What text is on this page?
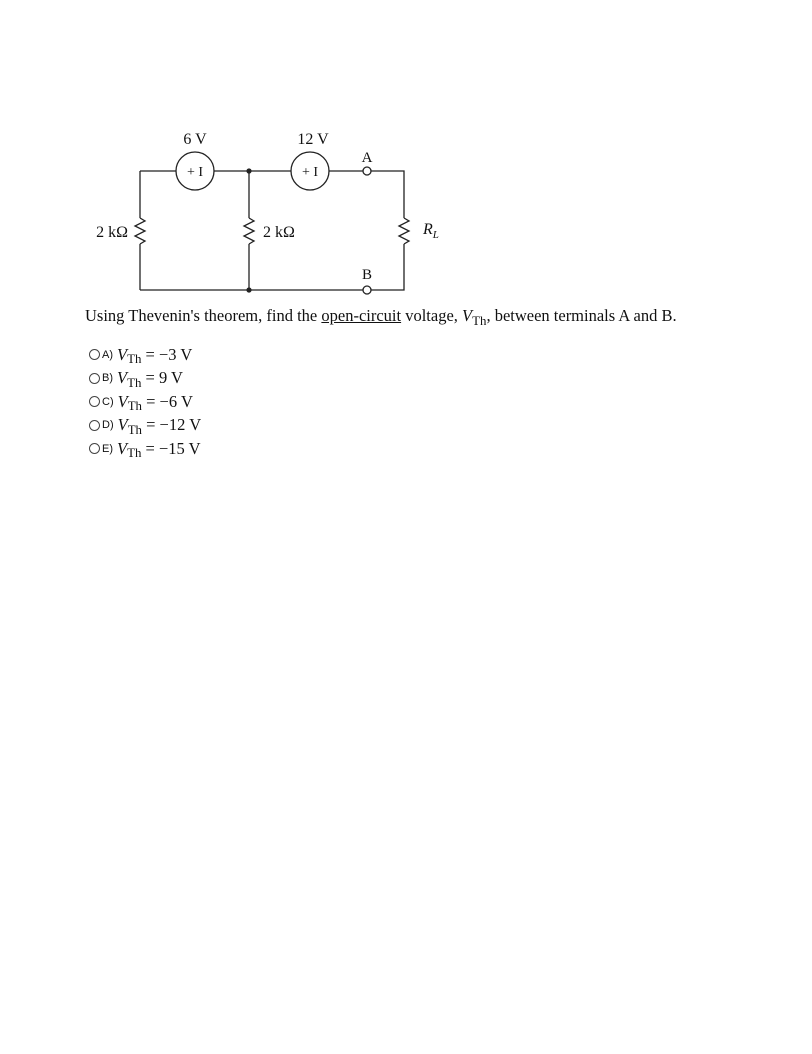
6 V	12 V
+ I	+ I
2 kΩ	2 kΩ	$R_L$
A
B
Using Thevenin's theorem, find the open-circuit voltage, $V_{Th}$, between terminals A and B.
A) $V_{Th} = -3$ V
B) $V_{Th} = 9$ V
C) $V_{Th} = -6$ V
D) $V_{Th} = -12$ V
E) $V_{Th} = -15$ V
